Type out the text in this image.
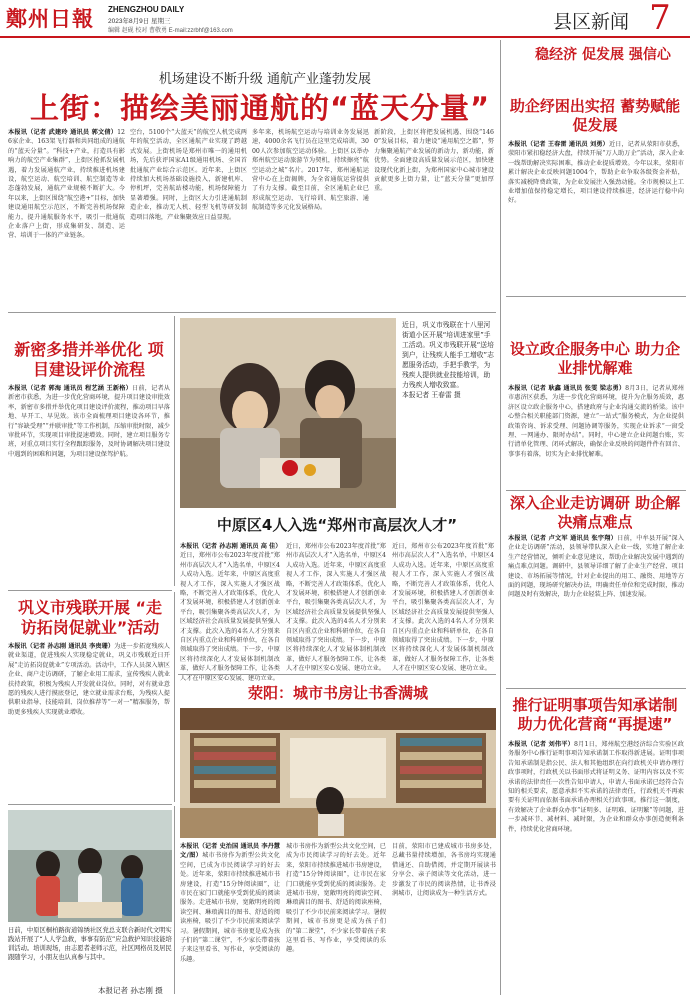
鄭州日報 ZHENGZHOU DAILY
2023年8月9日 星期三
编辑 赵砚 校对 曹敬勇 E-mail:zzrbhf@163.com	县区新闻 7
机场建设不断升级 通航产业蓬勃发展
上街：描绘美丽通航的“蓝天分量”
本报讯（记者 武建玲 通讯员 郭文倩）126家企业、163架飞行器和共同组成的通航的“蓝天分量”。“科技+产业，打造具有影响力的航空产业集群”，上街区抢抓发展机遇，着力发展通航产业，持续推进机场建设，航空运动、航空培训、航空制造等业态蓬勃发展，通航产业规模不断扩大。今年以来，上街区围绕“航空港+”目标，加快建设通用航空示范区，不断完善机场保障能力，提升通航服务水平，吸引一批通航企业落户上街，形成集研发、制造、运营、培训于一体的产业链条。
空台，5100个“大蓝天”的航空人机完成两年的航空活动，全区通航产业实现了跨越式发展。上街机场是郑州市唯一的通用机场，先后获评国家A1级通用机场、全国首批通航产业综合示范区。近年来，上街区持续加大机场基础设施投入，新建机库、停机坪，完善航站楼功能，机场保障能力显著增强。同时，上街区大力引进通航制造企业，推动无人机、轻型飞机等研发制造项目落地，产业集聚效应日益显现。
多年来，机场航空运动与培训业务发展迅速，4000余名飞行员在这里完成培训，3000人次参加航空运动体验。上街区以举办郑州航空运动旅游节为契机，持续擦亮“航空运动之城”名片。2017年，郑州通航运营中心在上街揭牌，为全省通航运营提供了有力支撑。截至目前，全区通航企业已形成航空运动、飞行培训、航空旅游、通航制造等多元化发展格局。
新阶段，上街区将把发展机遇、围绕“1460”发展目标，着力建设“通用航空之都”，努力集聚通航产业发展的新动力，新功能，新优势。全面建设高质量发展示范区，加快建设现代化新上街，为郑州国家中心城市建设贡献更多上街力量，让“蓝天分量”更加厚重。
稳经济 促发展 强信心
助企纾困出实招 蓄势赋能促发展
本报讯（记者 王春雷 通讯员 刘勇）近日，记者从荥阳市获悉，荥阳市紧扣稳经济大盘，持续开展“万人助万企”活动，深入企业一线帮助解决实际困难，推动企业提质增效。今年以来，荥阳市累计解决企业反映问题1004个，帮助企业争取各级资金补贴，落实减税降费政策，为企业发展注入强劲动能。全市规模以上工业增加值保持稳定增长，项目建设持续推进，经济运行稳中向好。
新密多措并举优化 项目建设评价流程
本报讯（记者 郭海 通讯员 程艺涵 王新格）日前，记者从新密市获悉，为进一步优化营商环境，提升项目建设审批效率，新密市多措并举优化项目建设评价流程，推动项目早落地、早开工、早见效。该市全面梳理项目建设各环节，推行“容缺受理”“并联审批”等工作机制，压缩审批时限，减少审批环节，实现项目审批提速增效。同时，建立项目服务专班，对重点项目实行全程跟踪服务，及时协调解决项目建设中遇到的困难和问题，为项目建设保驾护航。
近日，巩义市残联在十八里河街道小区开展“培训进家里”手工活动。巩义市残联开展“送培到户，让残疾人能手工增收”志愿服务活动，手把手教学，为残疾人提供就业技能培训，助力残疾人增收致富。
本报记者 王春雷 摄
中原区4人入选“郑州市高层次人才”
本报讯（记者 孙志刚 通讯员 高 佳）近日，郑州市公布2023年度首批“郑州市高层次人才”入选名单，中原区4人成功入选。近年来，中原区高度重视人才工作，深入实施人才强区战略，不断完善人才政策体系，优化人才发展环境，积极搭建人才创新创业平台，吸引集聚各类高层次人才，为区域经济社会高质量发展提供坚强人才支撑。此次入选的4名人才分别来自区内重点企业和科研单位，在各自领域取得了突出成绩。下一步，中原区将持续深化人才发展体制机制改革，做好人才服务保障工作，让各类人才在中原区安心发展、建功立业。
近日，郑州市公布2023年度首批“郑州市高层次人才”入选名单，中原区4人成功入选。近年来，中原区高度重视人才工作，深入实施人才强区战略，不断完善人才政策体系，优化人才发展环境，积极搭建人才创新创业平台，吸引集聚各类高层次人才，为区域经济社会高质量发展提供坚强人才支撑。此次入选的4名人才分别来自区内重点企业和科研单位，在各自领域取得了突出成绩。下一步，中原区将持续深化人才发展体制机制改革，做好人才服务保障工作，让各类人才在中原区安心发展、建功立业。
近日，郑州市公布2023年度首批“郑州市高层次人才”入选名单，中原区4人成功入选。近年来，中原区高度重视人才工作，深入实施人才强区战略，不断完善人才政策体系，优化人才发展环境，积极搭建人才创新创业平台，吸引集聚各类高层次人才，为区域经济社会高质量发展提供坚强人才支撑。此次入选的4名人才分别来自区内重点企业和科研单位，在各自领域取得了突出成绩。下一步，中原区将持续深化人才发展体制机制改革，做好人才服务保障工作，让各类人才在中原区安心发展、建功立业。
设立政企服务中心 助力企业排忧解难
本报讯（记者 耿鑫 通讯员 张雯 梁志勇）8月3日，记者从郑州市惠济区获悉，为进一步优化营商环境，提升为企服务质效，惠济区设立政企服务中心，搭建政府与企业沟通交流的桥梁。该中心整合相关职能部门资源，建立“一站式”服务模式，为企业提供政策咨询、诉求受理、问题协调等服务，实现企业诉求“一窗受理、一网通办、限时办结”。同时，中心建立企业问题台账，实行清单化管理、闭环式解决，确保企业反映的问题件件有回音、事事有着落，切实为企业排忧解难。
深入企业走访调研 助企解决痛点难点
本报讯（记者 卢文军 通讯员 张宇翔）日前，中牟县开展“深入企业走访调研”活动，县领导带队深入企业一线，实地了解企业生产经营情况，倾听企业意见建议，帮助企业解决发展中遇到的痛点难点问题。调研中，县领导详细了解了企业生产经营、项目建设、市场拓展等情况，针对企业提出的用工、融资、用地等方面的问题，现场研究解决办法，明确责任单位和完成时限，推动问题及时有效解决，助力企业轻装上阵、加速发展。
巩义市残联开展 “走访拓岗促就业”活动
本报讯（记者 孙志刚 通讯员 李贵珊）为进一步拓宽残疾人就业渠道，促进残疾人实现稳定就业，巩义市残联近日开展“走访拓岗促就业”专项活动。活动中，工作人员深入辖区企业、商户走访调研，了解企业用工需求，宣传残疾人就业扶持政策，积极为残疾人开发就业岗位。同时，对有就业意愿的残疾人进行摸底登记，建立就业需求台账，为残疾人提供职业指导、技能培训、岗位推荐等“一对一”精准服务，帮助更多残疾人实现就业增收。
荥阳：城市书房让书香满城
本报讯（记者 史治国 通讯员 李丹慧 文/图）城市书房作为新型公共文化空间，已成为市民阅读学习的好去处。近年来，荥阳市持续推进城市书房建设，打造“15分钟阅读圈”，让市民在家门口就能享受到优质的阅读服务。走进城市书房，宽敞明亮的阅读空间、琳琅满目的图书、舒适的阅读座椅，吸引了不少市民前来阅读学习。暑假期间，城市书房更是成为孩子们的“第二课堂”，不少家长带着孩子来这里看书、写作业，享受阅读的乐趣。
城市书房作为新型公共文化空间，已成为市民阅读学习的好去处。近年来，荥阳市持续推进城市书房建设，打造“15分钟阅读圈”，让市民在家门口就能享受到优质的阅读服务。走进城市书房，宽敞明亮的阅读空间、琳琅满目的图书、舒适的阅读座椅，吸引了不少市民前来阅读学习。暑假期间，城市书房更是成为孩子们的“第二课堂”，不少家长带着孩子来这里看书、写作业，享受阅读的乐趣。
目前，荥阳市已建成城市书房多处，总藏书量持续增加，各书房均实现通借通还、自助借阅，并定期开展读书分享会、亲子阅读等文化活动，进一步激发了市民的阅读热情，让书香浸润城市，让阅读成为一种生活方式。
推行证明事项告知承诺制 助力优化营商“再提速”
本报讯（记者 刘伟平）8月1日，郑州航空港经济综合实验区政务服务中心推行证明事项告知承诺制工作取得新进展。证明事项告知承诺制是指公民、法人和其他组织在向行政机关申请办理行政事项时，行政机关以书面形式将证明义务、证明内容以及不实承诺的法律责任一次性告知申请人，申请人书面承诺已经符合告知的相关要求，愿意承担不实承诺的法律责任，行政机关不再索要有关证明而依据书面承诺办理相关行政事项。推行这一制度，有效解决了企业群众办事“证明多、证明难、证明繁”等问题，进一步减环节、减材料、减时限，为企业和群众办事创造便利条件，持续优化营商环境。
日前，中原区桐柏路街道锦绣社区党总支联合新时代文明实践站开展了“人人学急救，事事有防范”应急救护知识技能培训活动。培训现场，由志愿者老师示范，社区网格员及居民跟随学习，小朋友也认真参与其中。
本报记者 孙志刚 摄
